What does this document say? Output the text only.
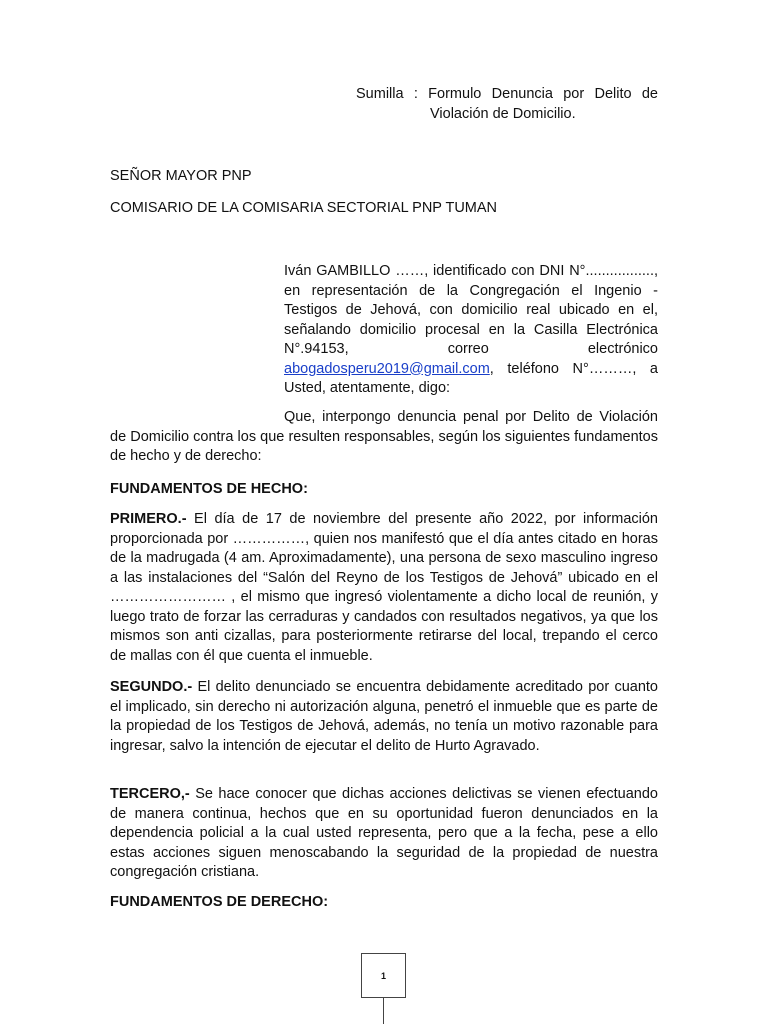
Sumilla : Formulo Denuncia por Delito de
Violación de Domicilio.
SEÑOR MAYOR PNP
COMISARIO DE LA COMISARIA SECTORIAL PNP TUMAN
Iván GAMBILLO ……, identificado con DNI N°................., en representación de la Congregación el Ingenio - Testigos de Jehová, con domicilio real ubicado en el, señalando domicilio procesal en la Casilla Electrónica N°.94153, correo electrónico abogadosperu2019@gmail.com, teléfono N°………, a Usted, atentamente, digo:
Que, interpongo denuncia penal por Delito de Violación de Domicilio contra los que resulten responsables, según los siguientes fundamentos de hecho y de derecho:
FUNDAMENTOS DE HECHO:
PRIMERO.- El día de 17 de noviembre del presente año 2022, por información proporcionada por ……………, quien nos manifestó que el día antes citado en horas de la madrugada (4 am. Aproximadamente), una persona de sexo masculino ingreso a las instalaciones del “Salón del Reyno de los Testigos de Jehová” ubicado en el …………………… , el mismo que ingresó violentamente a dicho local de reunión, y luego trato de forzar las cerraduras y candados con resultados negativos, ya que los mismos son anti cizallas, para posteriormente retirarse del local, trepando el cerco de mallas con él que cuenta el inmueble.
SEGUNDO.- El delito denunciado se encuentra debidamente acreditado por cuanto el implicado, sin derecho ni autorización alguna, penetró el inmueble que es parte de la propiedad de los Testigos de Jehová, además, no tenía un motivo razonable para ingresar, salvo la intención de ejecutar el delito de Hurto Agravado.
TERCERO,- Se hace conocer que dichas acciones delictivas se vienen efectuando de manera continua, hechos que en su oportunidad fueron denunciados en la dependencia policial a la cual usted representa, pero que a la fecha, pese a ello estas acciones siguen menoscabando la seguridad de la propiedad de nuestra congregación cristiana.
FUNDAMENTOS DE DERECHO:
1
